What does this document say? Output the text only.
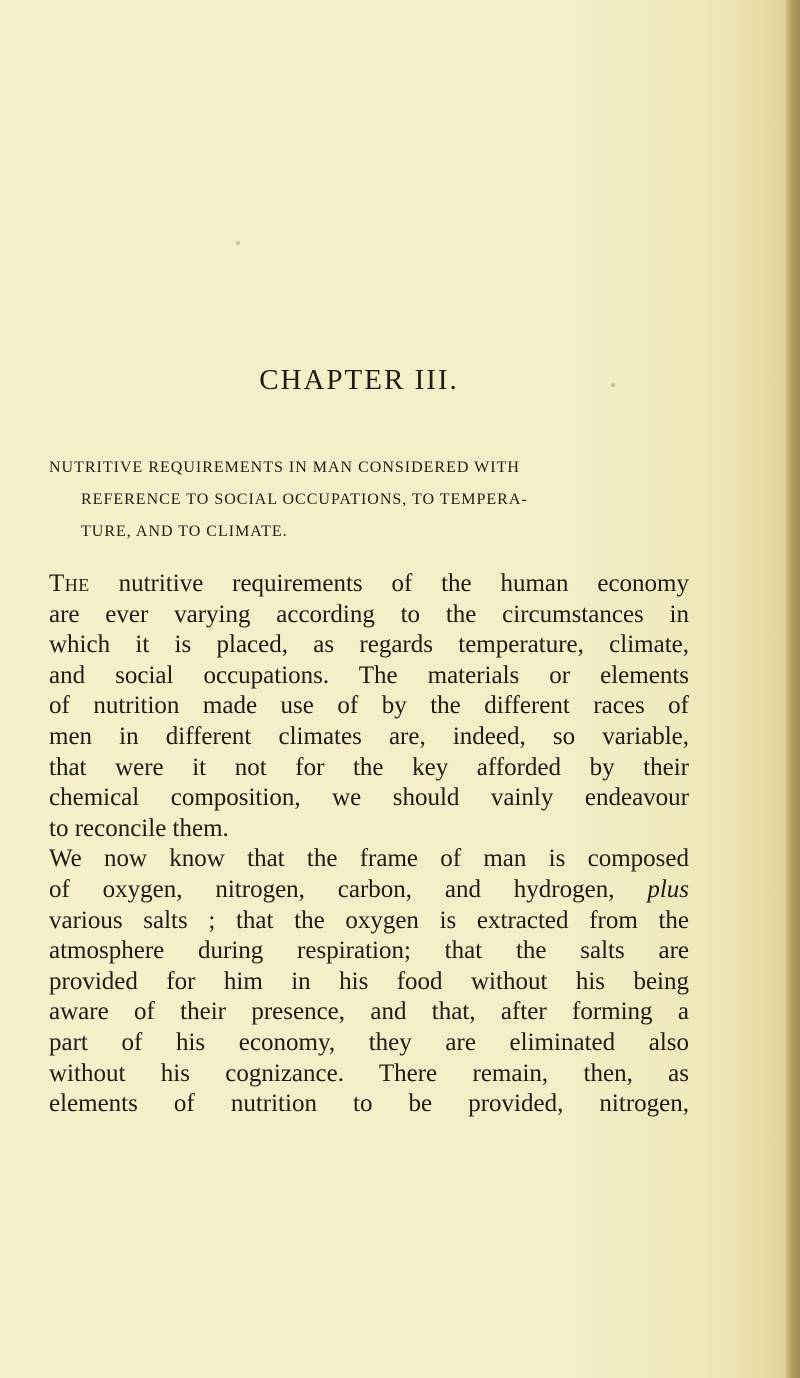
CHAPTER III.
NUTRITIVE REQUIREMENTS IN MAN CONSIDERED WITH
REFERENCE TO SOCIAL OCCUPATIONS, TO TEMPERA-
TURE, AND TO CLIMATE.
The nutritive requirements of the human economy
are ever varying according to the circumstances in
which it is placed, as regards temperature, climate,
and social occupations. The materials or elements
of nutrition made use of by the different races of
men in different climates are, indeed, so variable,
that were it not for the key afforded by their
chemical composition, we should vainly endeavour
to reconcile them.
We now know that the frame of man is composed
of oxygen, nitrogen, carbon, and hydrogen, plus
various salts ; that the oxygen is extracted from the
atmosphere during respiration; that the salts are
provided for him in his food without his being
aware of their presence, and that, after forming a
part of his economy, they are eliminated also
without his cognizance. There remain, then, as
elements of nutrition to be provided, nitrogen,
